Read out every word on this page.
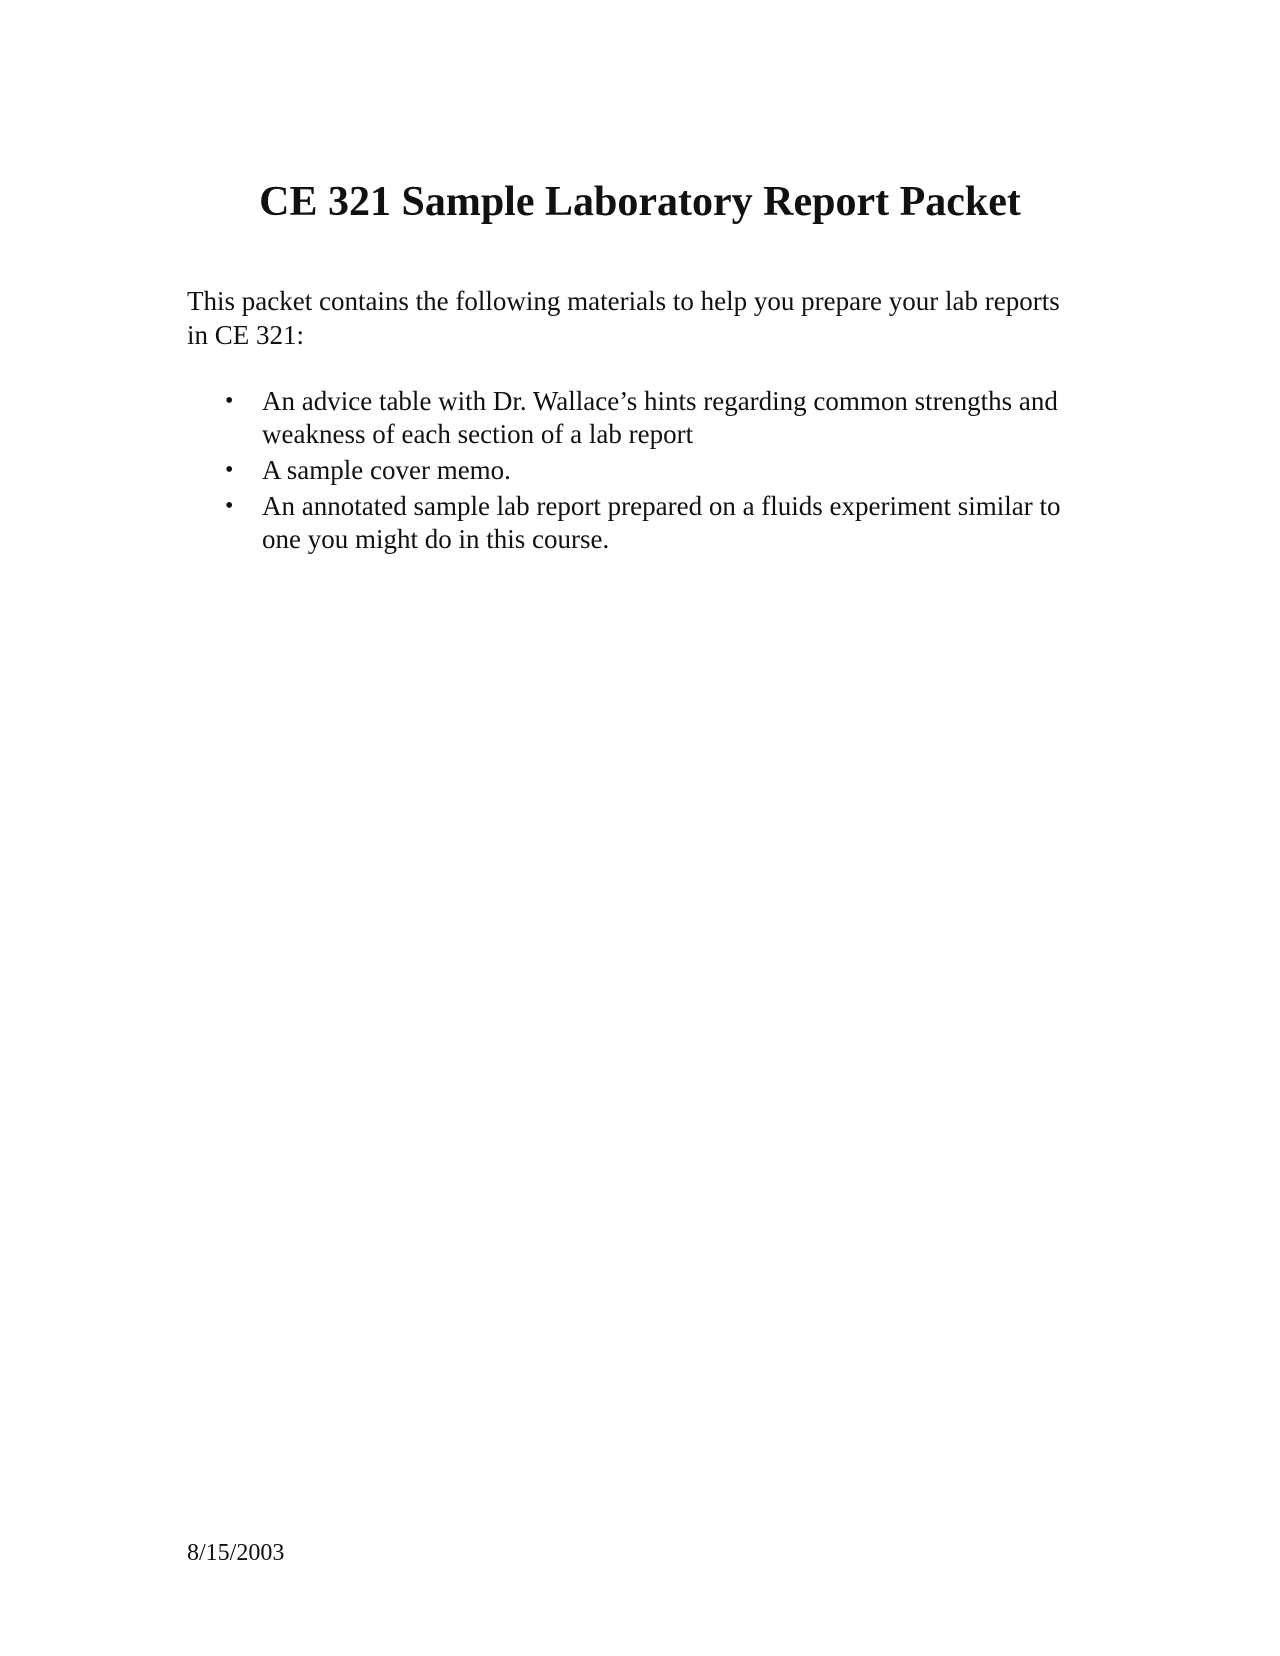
CE 321 Sample Laboratory Report Packet

This packet contains the following materials to help you prepare your lab reports in CE 321:

• An advice table with Dr. Wallace’s hints regarding common strengths and weakness of each section of a lab report
• A sample cover memo.
• An annotated sample lab report prepared on a fluids experiment similar to one you might do in this course.

8/15/2003
